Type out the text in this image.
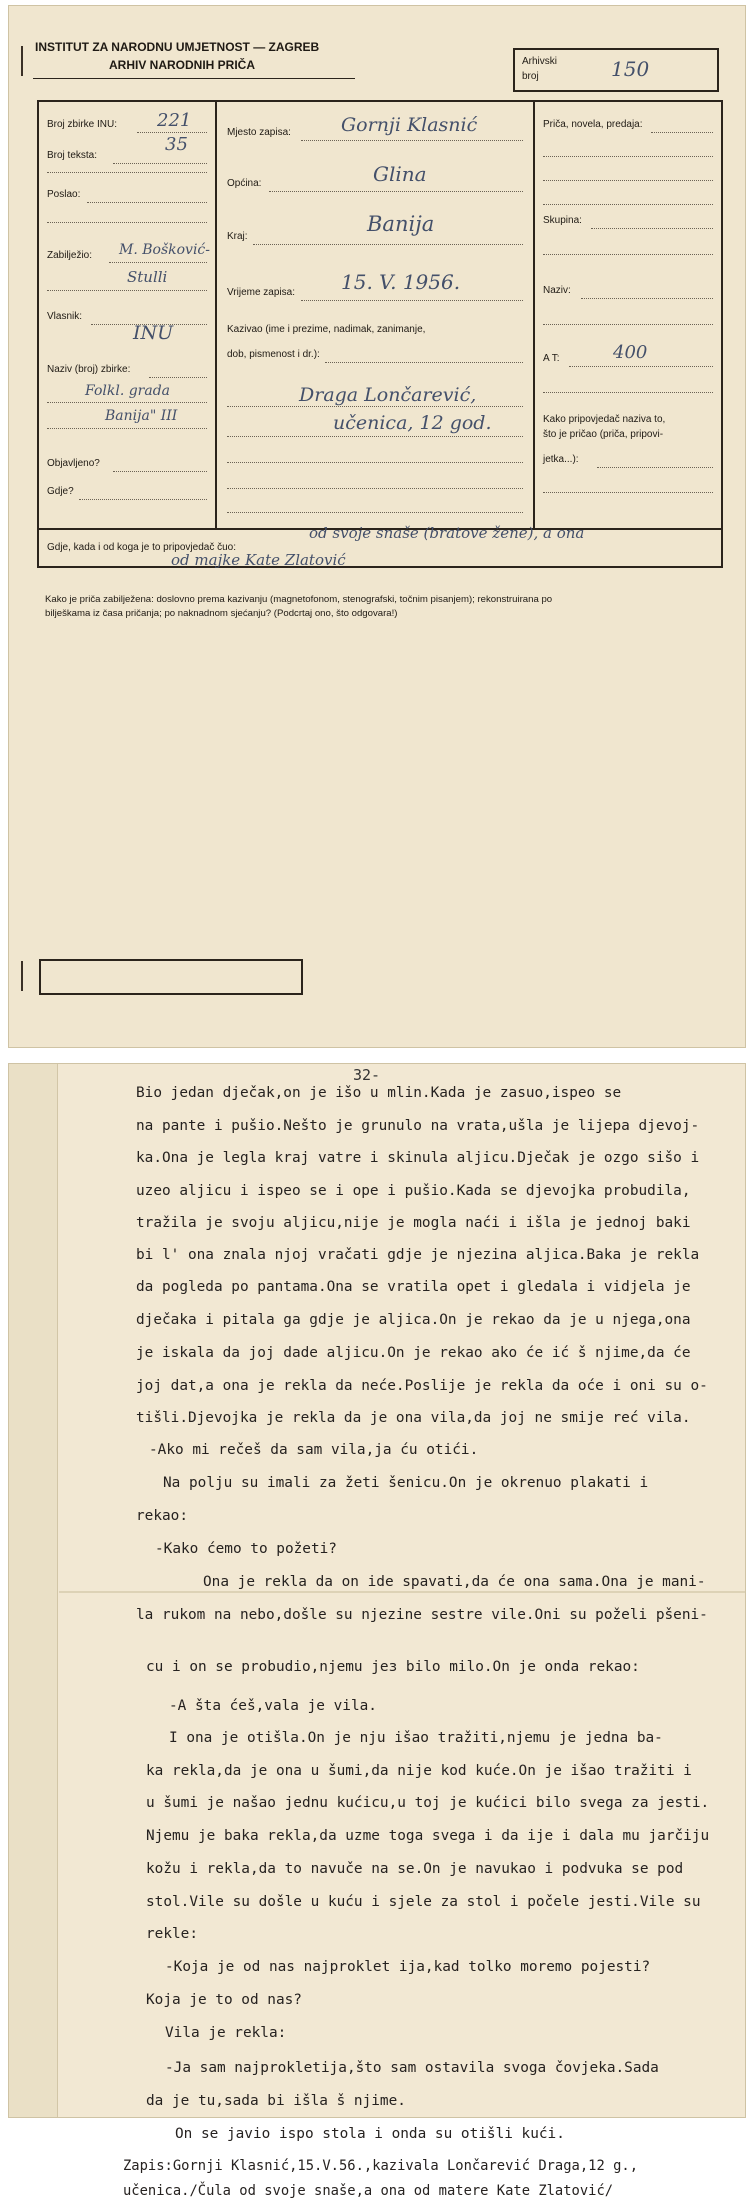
INSTITUT ZA NARODNU UMJETNOST — ZAGREB
ARHIV NARODNIH PRIČA	Arhivski
broj	150
Broj zbirke INU: 221
Broj teksta:
35
Poslao:
Zabilježio: M. Bošković-
Stulli
Vlasnik:
INU
Naziv (broj) zbirke:
Folkl. grada
Banija" III
Objavljeno?
Gdje?
Mjesto zapisa:	Gornji Klasnić
Općina:	Glina
Kraj:
Banija
Vrijeme zapisa: 15. V. 1956.
Kazivao (ime i prezime, nadimak, zanimanje,
dob, pismenost i dr.):
Draga Lončarević,
učenica, 12 god.
Priča, novela, predaja:
Skupina:
Naziv:
A T:	400
Kako pripovjedač naziva to,
što je pričao (priča, pripovi-
jetka...):
Gdje, kada i od koga je to pripovjedač čuo:
od svoje snaše (bratove žene), a ona
od majke Kate Zlatović
Kako je priča zabilježena: doslovno prema kazivanju (magnetofonom, stenografski, točnim pisanjem); rekonstruirana po
bilješkama iz časa pričanja; po naknadnom sjećanju? (Podcrtaj ono, što odgovara!)
32-
Bio jedan dječak,on je išo u mlin.Kada je zasuo,ispeo se
na pante i pušio.Nešto je grunulo na vrata,ušla je lijepa djevoj-
ka.Ona je legla kraj vatre i skinula aljicu.Dječak je ozgo sišo i
uzeo aljicu i ispeo se i ope i pušio.Kada se djevojka probudila,
tražila je svoju aljicu,nije je mogla naći i išla je jednoj baki
bi l' ona znala njoj vračati gdje je njezina aljica.Baka je rekla
da pogleda po pantama.Ona se vratila opet i gledala i vidjela je
dječaka i pitala ga gdje je aljica.On je rekao da je u njega,ona
je iskala da joj dade aljicu.On je rekao ako će ić š njime,da će
joj dat,a ona je rekla da neće.Poslije je rekla da oće i oni su o-
tišli.Djevojka je rekla da je ona vila,da joj ne smije reć vila.
-Ako mi rečeš da sam vila,ja ću otići.
Na polju su imali za žeti šenicu.On je okrenuo plakati i
rekao:
-Kako ćemo to požeti?
Ona je rekla da on ide spavati,da će ona sama.Ona je mani-
la rukom na nebo,došle su njezine sestre vile.Oni su poželi pšeni-
cu i on se probudio,njemu jeз bilo milo.On je onda rekao:
-A šta ćeš,vala je vila.
I ona je otišla.On je nju išao tražiti,njemu je jedna ba-
ka rekla,da je ona u šumi,da nije kod kuće.On je išao tražiti i
u šumi je našao jednu kućicu,u toj je kućici bilo svega za jesti.
Njemu je baka rekla,da uzme toga svega i da ije i dala mu jarčiju
kožu i rekla,da to navuče na se.On je navukao i podvuka se pod
stol.Vile su došle u kuću i sjele za stol i počele jesti.Vile su
rekle:
-Koja je od nas najproklet ija,kad tolko moremo pojesti?
Koja je to od nas?
Vila je rekla:
-Ja sam najprokletija,što sam ostavila svoga čovjeka.Sada
da je tu,sada bi išla š njime.
On se javio ispo stola i onda su otišli kući.
Zapis:Gornji Klasnić,15.V.56.,kazivala Lončarević Draga,12 g.,
učenica./Čula od svoje snaše,a ona od matere Kate Zlatović/
